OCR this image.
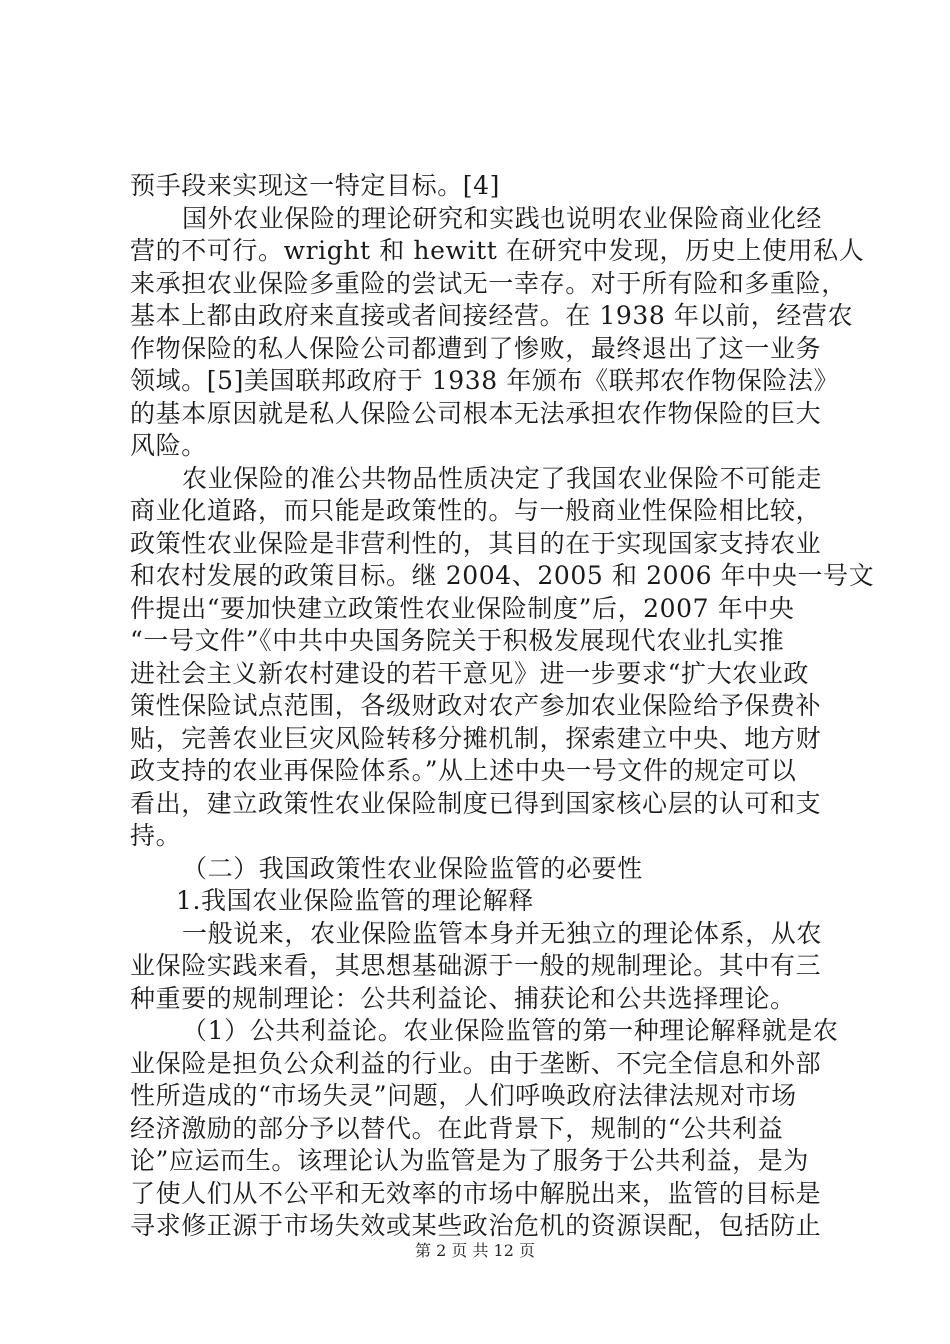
预手段来实现这一特定目标。[4]
国外农业保险的理论研究和实践也说明农业保险商业化经
营的不可行。wright 和 hewitt 在研究中发现，历史上使用私人
来承担农业保险多重险的尝试无一幸存。对于所有险和多重险，
基本上都由政府来直接或者间接经营。在 1938 年以前，经营农
作物保险的私人保险公司都遭到了惨败，最终退出了这一业务
领域。[5]美国联邦政府于 1938 年颁布《联邦农作物保险法》
的基本原因就是私人保险公司根本无法承担农作物保险的巨大
风险。
农业保险的准公共物品性质决定了我国农业保险不可能走
商业化道路，而只能是政策性的。与一般商业性保险相比较，
政策性农业保险是非营利性的，其目的在于实现国家支持农业
和农村发展的政策目标。继 2004、2005 和 2006 年中央一号文
件提出“要加快建立政策性农业保险制度”后，2007 年中央
“一号文件”《中共中央国务院关于积极发展现代农业扎实推
进社会主义新农村建设的若干意见》进一步要求“扩大农业政
策性保险试点范围，各级财政对农产参加农业保险给予保费补
贴，完善农业巨灾风险转移分摊机制，探索建立中央、地方财
政支持的农业再保险体系。”从上述中央一号文件的规定可以
看出，建立政策性农业保险制度已得到国家核心层的认可和支
持。
（二）我国政策性农业保险监管的必要性
1.我国农业保险监管的理论解释
一般说来，农业保险监管本身并无独立的理论体系，从农
业保险实践来看，其思想基础源于一般的规制理论。其中有三
种重要的规制理论：公共利益论、捕获论和公共选择理论。
（1）公共利益论。农业保险监管的第一种理论解释就是农
业保险是担负公众利益的行业。由于垄断、不完全信息和外部
性所造成的“市场失灵”问题，人们呼唤政府法律法规对市场
经济激励的部分予以替代。在此背景下，规制的“公共利益
论”应运而生。该理论认为监管是为了服务于公共利益，是为
了使人们从不公平和无效率的市场中解脱出来，监管的目标是
寻求修正源于市场失效或某些政治危机的资源误配，包括防止
第 2 页 共 12 页
